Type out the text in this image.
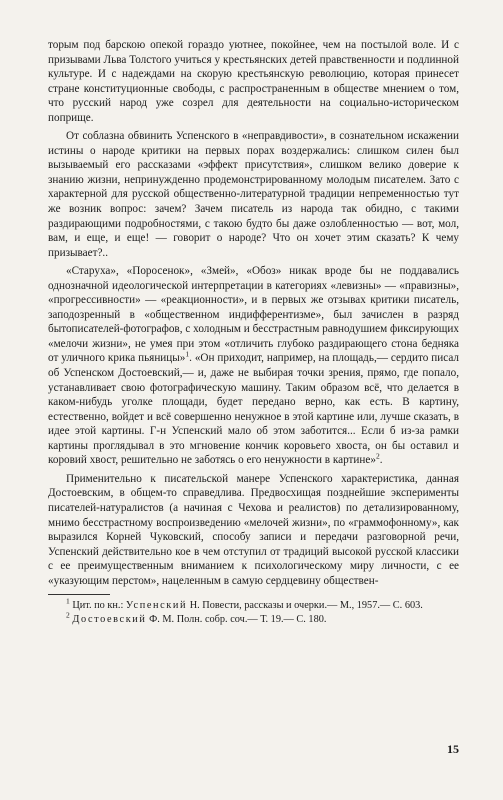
торым под барскою опекой гораздо уютнее, покойнее, чем на постылой воле. И с призывами Льва Толстого учиться у крестьянских детей правственности и подлинной культуре. И с надеждами на скорую крестьянскую революцию, которая принесет стране конституционные свободы, с распространенным в обществе мнением о том, что русский народ уже созрел для деятельности на социально-историческом поприще.

От соблазна обвинить Успенского в «неправдивости», в сознательном искажении истины о народе критики на первых порах воздержались: слишком силен был вызываемый его рассказами «эффект присутствия», слишком велико доверие к знанию жизни, непринужденно продемонстрированному молодым писателем. Зато с характерной для русской общественно-литературной традиции непременностью тут же возник вопрос: зачем? Зачем писатель из народа так обидно, с такими раздирающими подробностями, с такою будто бы даже озлобленностью — вот, мол, вам, и еще, и еще! — говорит о народе? Что он хочет этим сказать? К чему призывает?..

«Старуха», «Поросенок», «Змей», «Обоз» никак вроде бы не поддавались однозначной идеологической интерпретации в категориях «левизны» — «правизны», «прогрессивности» — «реакционности», и в первых же отзывах критики писатель, заподозренный в «общественном индифферентизме», был зачислен в разряд бытописателей-фотографов, с холодным и бесстрастным равнодушием фиксирующих «мелочи жизни», не умея при этом «отличить глубоко раздирающего стона бедняка от уличного крика пьяницы»$^1$. «Он приходит, например, на площадь,— сердито писал об Успенском Достоевский,— и, даже не выбирая точки зрения, прямо, где попало, устанавливает свою фотографическую машину. Таким образом всё, что делается в каком-нибудь уголке площади, будет передано верно, как есть. В картину, естественно, войдет и всё совершенно ненужное в этой картине или, лучше сказать, в идее этой картины. Г-н Успенский мало об этом заботится... Если б из-за рамки картины проглядывал в это мгновение кончик коровьего хвоста, он бы оставил и коровий хвост, решительно не заботясь о его ненужности в картине»$^2$.

Применительно к писательской манере Успенского характеристика, данная Достоевским, в общем-то справедлива. Предвосхищая позднейшие эксперименты писателей-натуралистов (а начиная с Чехова и реалистов) по детализированному, мнимо бесстрастному воспроизведению «мелочей жизни», по «граммофонному», как выразился Корней Чуковский, способу записи и передачи разговорной речи, Успенский действительно кое в чем отступил от традиций высокой русской классики с ее преимущественным вниманием к психологическому миру личности, с ее «указующим перстом», нацеленным в самую сердцевину обществен-

$^1$ Цит. по кн.: Успенский Н. Повести, рассказы и очерки.— М., 1957.— С. 603.

$^2$ Достоевский Ф. М. Полн. собр. соч.— Т. 19.— С. 180.

15
